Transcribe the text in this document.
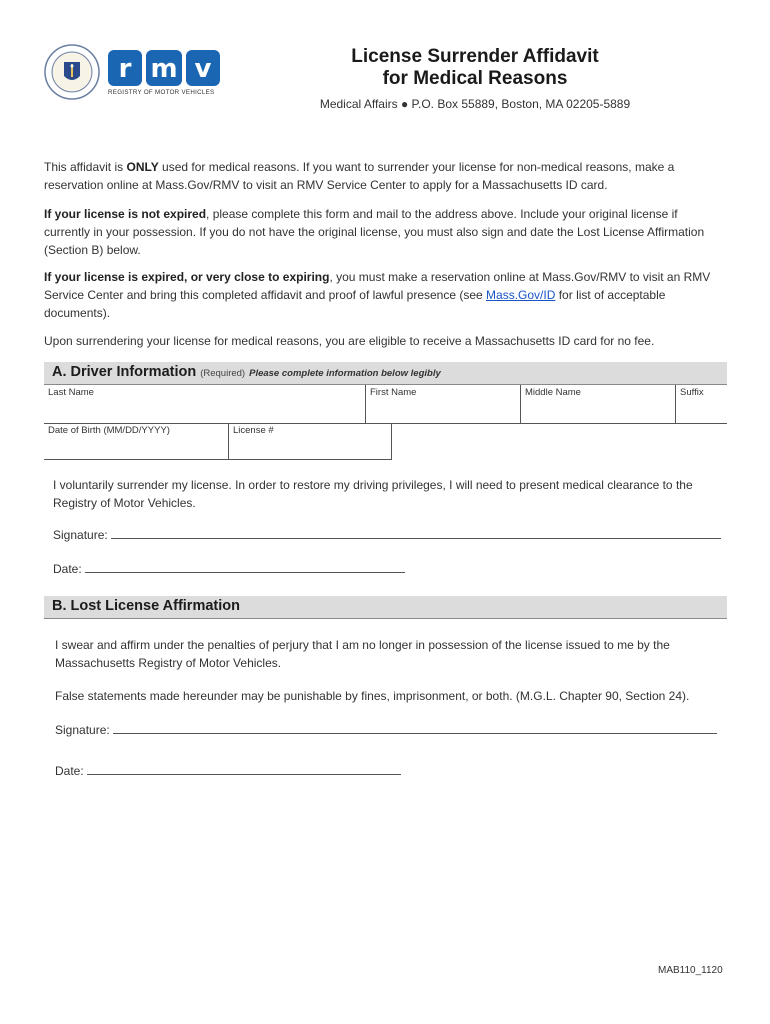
r m v
REGISTRY OF MOTOR VEHICLES
License Surrender Affidavit
for Medical Reasons
Medical Affairs ● P.O. Box 55889, Boston, MA 02205-5889
This affidavit is ONLY used for medical reasons. If you want to surrender your license for non-medical reasons, make a reservation online at Mass.Gov/RMV to visit an RMV Service Center to apply for a Massachusetts ID card.
If your license is not expired, please complete this form and mail to the address above. Include your original license if currently in your possession. If you do not have the original license, you must also sign and date the Lost License Affirmation (Section B) below.
If your license is expired, or very close to expiring, you must make a reservation online at Mass.Gov/RMV to visit an RMV Service Center and bring this completed affidavit and proof of lawful presence (see Mass.Gov/ID for list of acceptable documents).
Upon surrendering your license for medical reasons, you are eligible to receive a Massachusetts ID card for no fee.
A. Driver Information (Required) Please complete information below legibly
Last Name	First Name	Middle Name	Suffix
Date of Birth (MM/DD/YYYY)	License #
I voluntarily surrender my license. In order to restore my driving privileges, I will need to present medical clearance to the Registry of Motor Vehicles.
Signature:
Date:
B. Lost License Affirmation
I swear and affirm under the penalties of perjury that I am no longer in possession of the license issued to me by the Massachusetts Registry of Motor Vehicles.
False statements made hereunder may be punishable by fines, imprisonment, or both. (M.G.L. Chapter 90, Section 24).
Signature:
Date:
MAB110_1120
